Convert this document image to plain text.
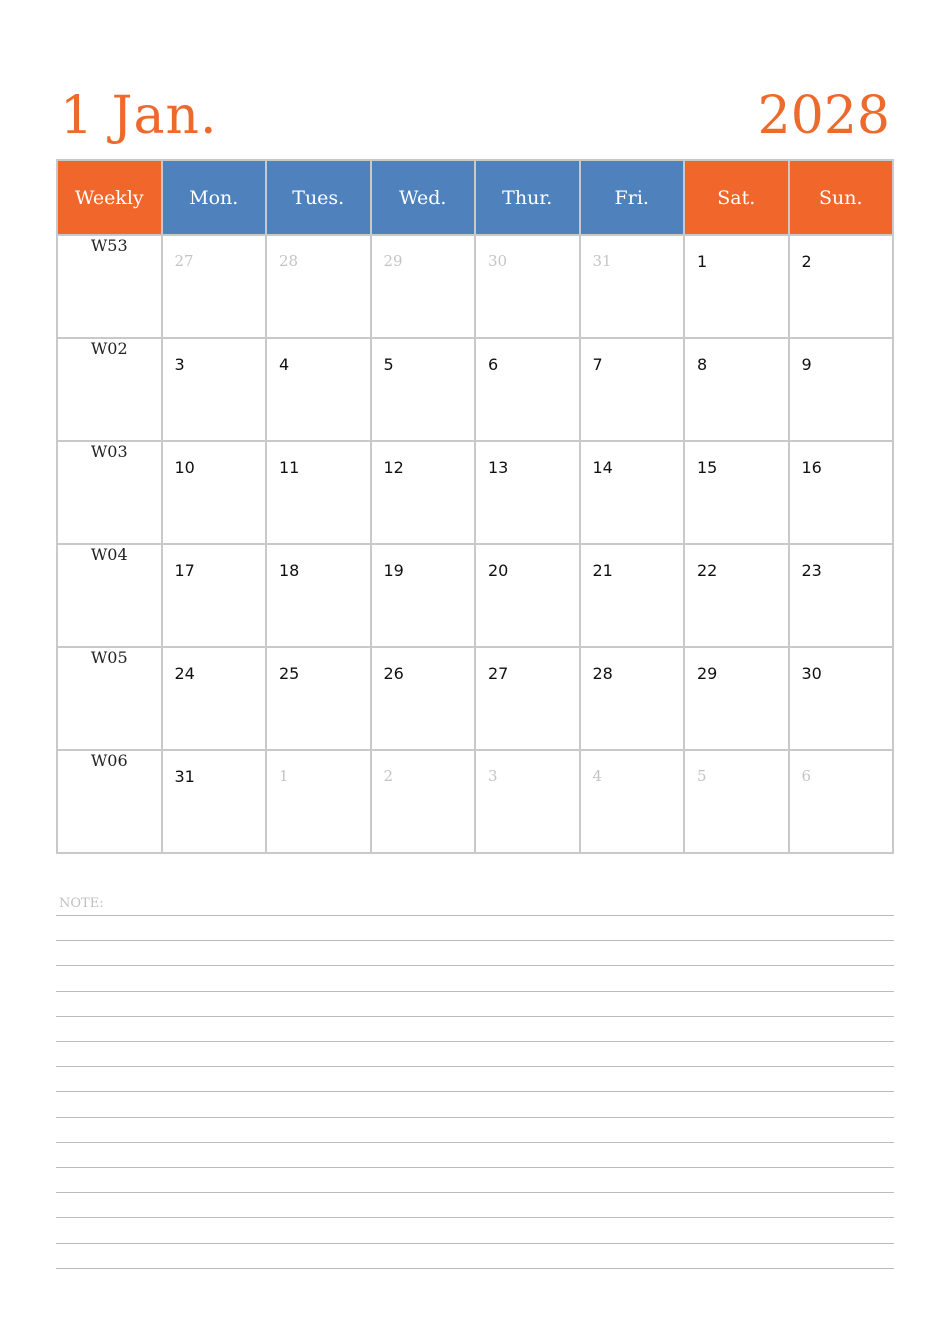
1 Jan.	2028
Weekly	Mon.	Tues.	Wed.	Thur.	Fri.	Sat.	Sun.
W53	27	28	29	30	31	1	2

W02	3	4	5	6	7	8	9

W03	10	11	12	13	14	15	16

W04	17	18	19	20	21	22	23

W05	24	25	26	27	28	29	30

W06	31	1	2	3	4	5	6
NOTE:
